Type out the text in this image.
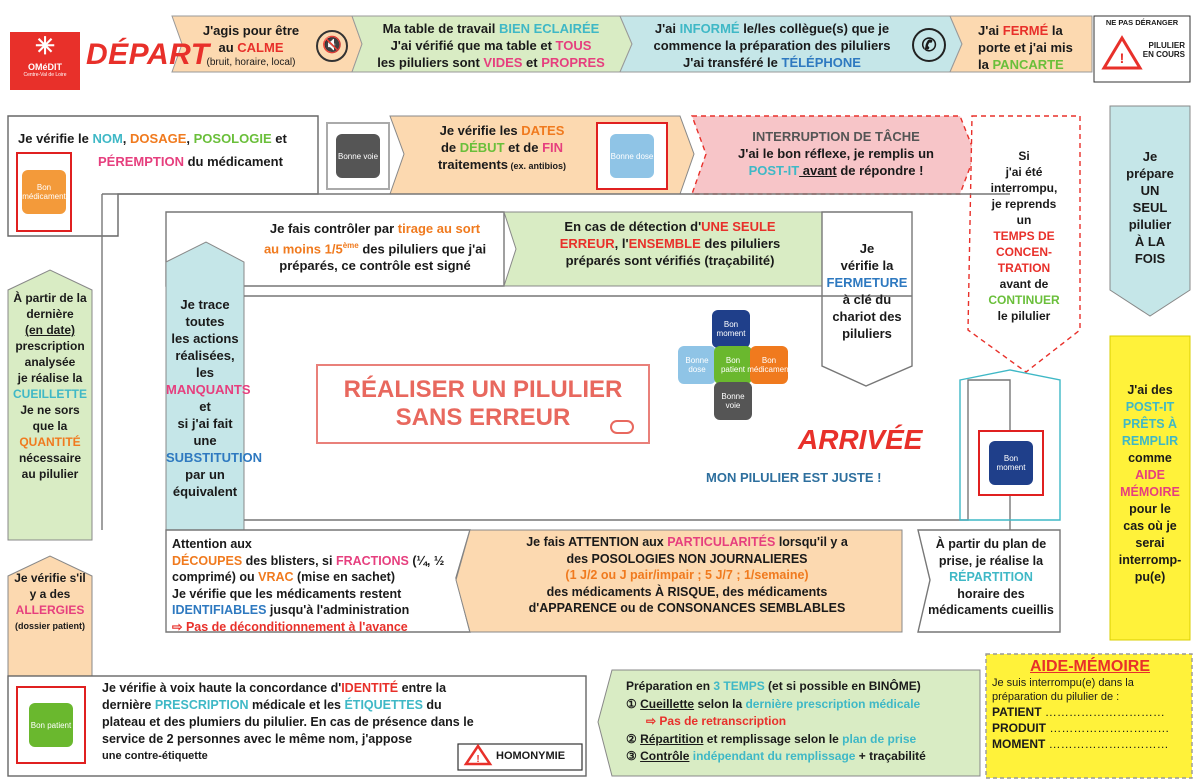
!
!
✳
OMéDIT
Centre-Val de Loire
DÉPART
J'agis pour être
au CALME
(bruit, horaire, local)
🔇
Ma table de travail BIEN ECLAIRÉE
J'ai vérifié que ma table et TOUS
les piluliers sont VIDES et PROPRES
J'ai INFORMÉ le/les collègue(s) que je
commence la préparation des piluliers
J'ai transféré le TÉLÉPHONE
✆
J'ai FERMÉ la
porte et j'ai mis
la PANCARTE
NE PAS DÉRANGER
PILULIER
EN COURS
Je vérifie le NOM, DOSAGE, POSOLOGIE et
PÉREMPTION du médicament
Bon médicament
Bonne voie
Je vérifie les DATES
de DÉBUT et de FIN
traitements (ex. antibios)
Bonne dose
INTERRUPTION DE TÂCHE
J'ai le bon réflexe, je remplis un
POST-IT avant de répondre !
Si
j'ai été
interrompu,
je reprends
un
TEMPS DE
CONCEN-
TRATION
avant de
CONTINUER
le pilulier
Je
prépare
UN
SEUL
pilulier
À LA
FOIS
J'ai des
POST-IT
PRÊTS À
REMPLIR
comme
AIDE
MÉMOIRE
pour le
cas où je
serai
interromp-
pu(e)
À partir de la
dernière
(en date)
prescription
analysée
je réalise la
CUEILLETTE
Je ne sors
que la
QUANTITÉ
nécessaire
au pilulier
Je vérifie s'il
y a des
ALLERGIES
(dossier patient)
Je fais contrôler par tirage au sort
au moins 1/5ème des piluliers que j'ai
préparés, ce contrôle est signé
En cas de détection d'UNE SEULE
ERREUR, l'ENSEMBLE des piluliers
préparés sont vérifiés (traçabilité)
Je
vérifie la
FERMETURE
à clé du
chariot des
piluliers
Je trace
toutes
les actions
réalisées, les
MANQUANTS et
si j'ai fait une
SUBSTITUTION
par un
équivalent
RÉALISER UN PILULIER
SANS ERREUR
Bon moment
Bonne dose
Bon patient
Bon médicament
Bonne voie
ARRIVÉE
MON PILULIER EST JUSTE !
Bon moment
Attention aux
DÉCOUPES des blisters, si FRACTIONS (¼, ½
comprimé) ou VRAC (mise en sachet)
Je vérifie que les médicaments restent
IDENTIFIABLES jusqu'à l'administration
⇨ Pas de déconditionnement à l'avance
Je fais ATTENTION aux PARTICULARITÉS lorsqu'il y a
des POSOLOGIES NON JOURNALIERES
(1 J/2 ou J pair/impair ; 5 J/7 ; 1/semaine)
des médicaments À RISQUE, des médicaments
d'APPARENCE ou de CONSONANCES SEMBLABLES
À partir du plan de
prise, je réalise la
RÉPARTITION
horaire des
médicaments cueillis
Bon patient
Je vérifie à voix haute la concordance d'IDENTITÉ entre la
dernière PRESCRIPTION médicale et les ÉTIQUETTES du
plateau et des plumiers du pilulier. En cas de présence dans le
service de 2 personnes avec le même nom, j'appose
une contre-étiquette	HOMONYMIE
Préparation en 3 TEMPS (et si possible en BINÔME)
① Cueillette selon la dernière prescription médicale
⇨ Pas de retranscription
② Répartition et remplissage selon le plan de prise
③ Contrôle indépendant du remplissage + traçabilité
AIDE-MÉMOIRE
Je suis interrompu(e) dans la
préparation du pilulier de :
PATIENT …………………………
PRODUIT …………………………
MOMENT …………………………
